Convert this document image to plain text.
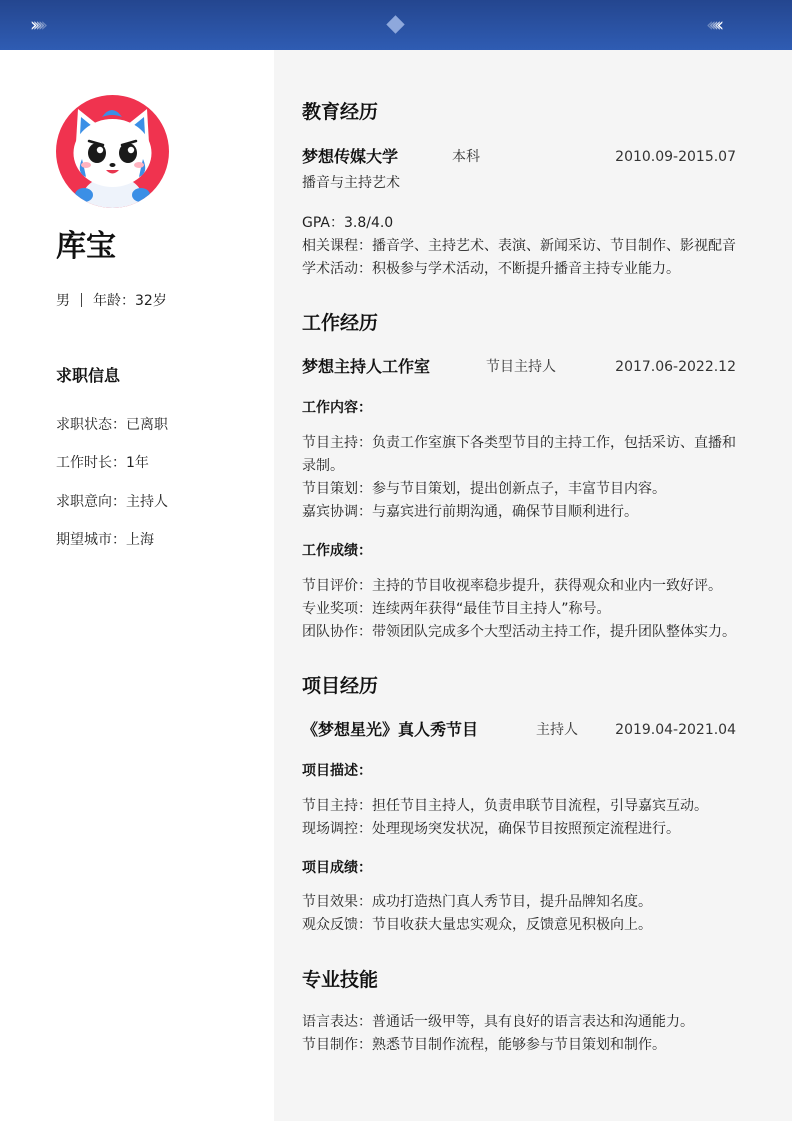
›››››	‹‹‹‹‹
库宝
男 年龄：32岁
求职信息
求职状态：已离职
工作时长：1年
求职意向：主持人
期望城市：上海
教育经历
梦想传媒大学	本科	2010.09-2015.07
播音与主持艺术
GPA：3.8/4.0
相关课程：播音学、主持艺术、表演、新闻采访、节目制作、影视配音
学术活动：积极参与学术活动，不断提升播音主持专业能力。
工作经历
梦想主持人工作室	节目主持人	2017.06-2022.12
工作内容：
节目主持：负责工作室旗下各类型节目的主持工作，包括采访、直播和录制。
节目策划：参与节目策划，提出创新点子，丰富节目内容。
嘉宾协调：与嘉宾进行前期沟通，确保节目顺利进行。
工作成绩：
节目评价：主持的节目收视率稳步提升，获得观众和业内一致好评。
专业奖项：连续两年获得“最佳节目主持人”称号。
团队协作：带领团队完成多个大型活动主持工作，提升团队整体实力。
项目经历
《梦想星光》真人秀节目	主持人	2019.04-2021.04
项目描述：
节目主持：担任节目主持人，负责串联节目流程，引导嘉宾互动。
现场调控：处理现场突发状况，确保节目按照预定流程进行。
项目成绩：
节目效果：成功打造热门真人秀节目，提升品牌知名度。
观众反馈：节目收获大量忠实观众，反馈意见积极向上。
专业技能
语言表达：普通话一级甲等，具有良好的语言表达和沟通能力。
节目制作：熟悉节目制作流程，能够参与节目策划和制作。
